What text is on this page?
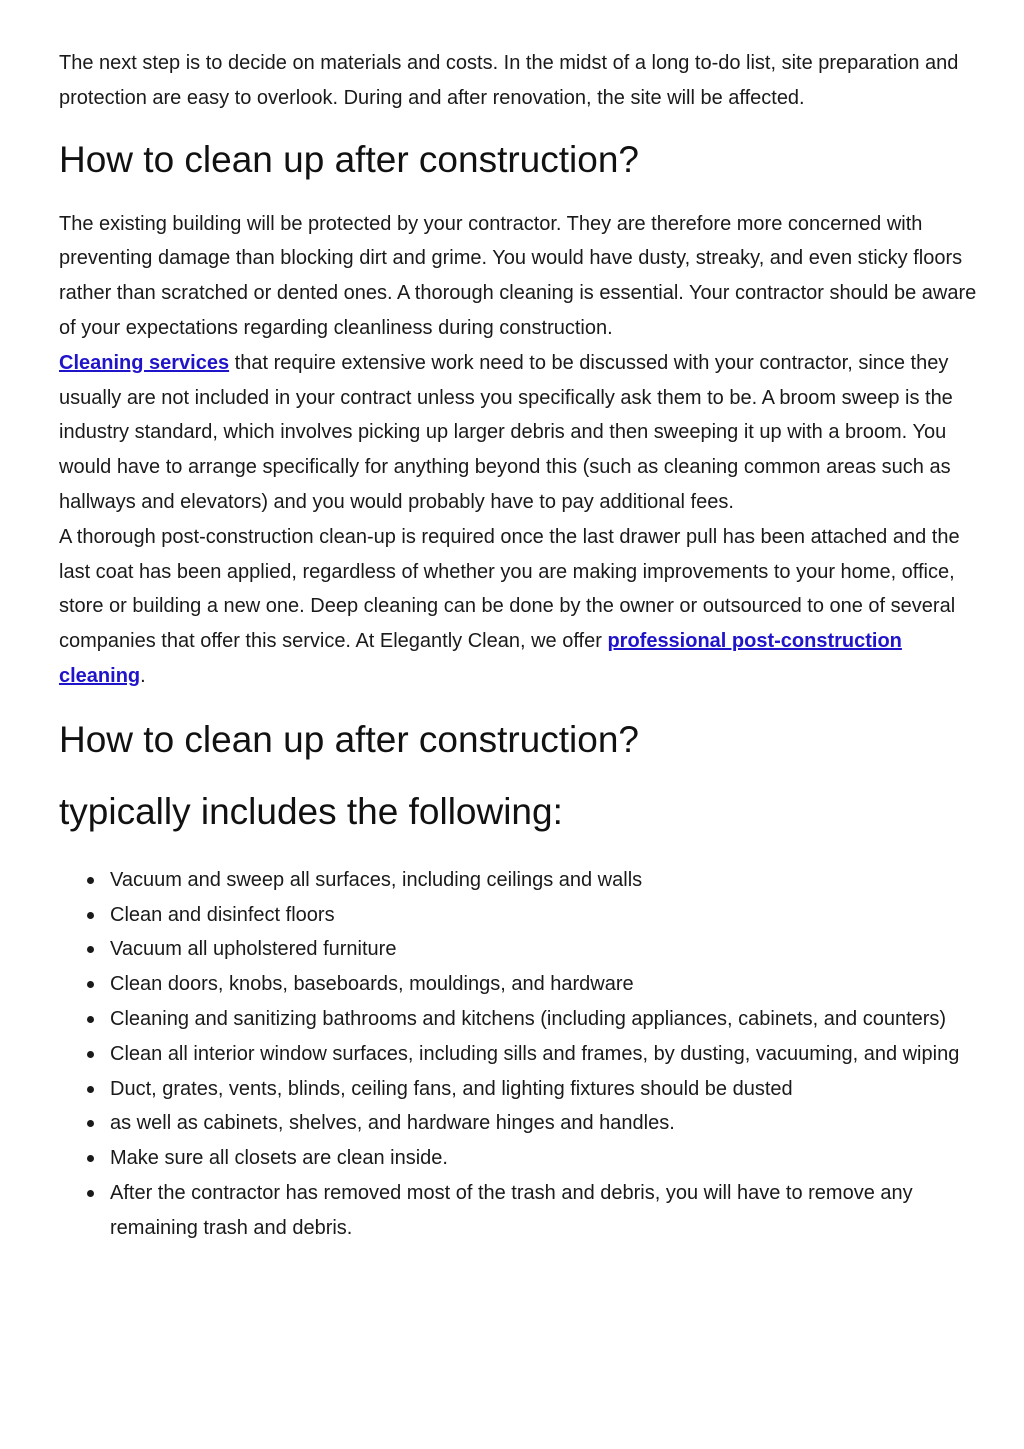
The next step is to decide on materials and costs. In the midst of a long to-do list, site preparation and protection are easy to overlook. During and after renovation, the site will be affected.

How to clean up after construction?

The existing building will be protected by your contractor. They are therefore more concerned with preventing damage than blocking dirt and grime. You would have dusty, streaky, and even sticky floors rather than scratched or dented ones. A thorough cleaning is essential. Your contractor should be aware of your expectations regarding cleanliness during construction.
Cleaning services that require extensive work need to be discussed with your contractor, since they usually are not included in your contract unless you specifically ask them to be. A broom sweep is the industry standard, which involves picking up larger debris and then sweeping it up with a broom. You would have to arrange specifically for anything beyond this (such as cleaning common areas such as hallways and elevators) and you would probably have to pay additional fees.
A thorough post-construction clean-up is required once the last drawer pull has been attached and the last coat has been applied, regardless of whether you are making improvements to your home, office, store or building a new one. Deep cleaning can be done by the owner or outsourced to one of several companies that offer this service. At Elegantly Clean, we offer professional post-construction cleaning.

How to clean up after construction?
typically includes the following:
Vacuum and sweep all surfaces, including ceilings and walls
Clean and disinfect floors
Vacuum all upholstered furniture
Clean doors, knobs, baseboards, mouldings, and hardware
Cleaning and sanitizing bathrooms and kitchens (including appliances, cabinets, and counters)
Clean all interior window surfaces, including sills and frames, by dusting, vacuuming, and wiping
Duct, grates, vents, blinds, ceiling fans, and lighting fixtures should be dusted
as well as cabinets, shelves, and hardware hinges and handles.
Make sure all closets are clean inside.
After the contractor has removed most of the trash and debris, you will have to remove any remaining trash and debris.
